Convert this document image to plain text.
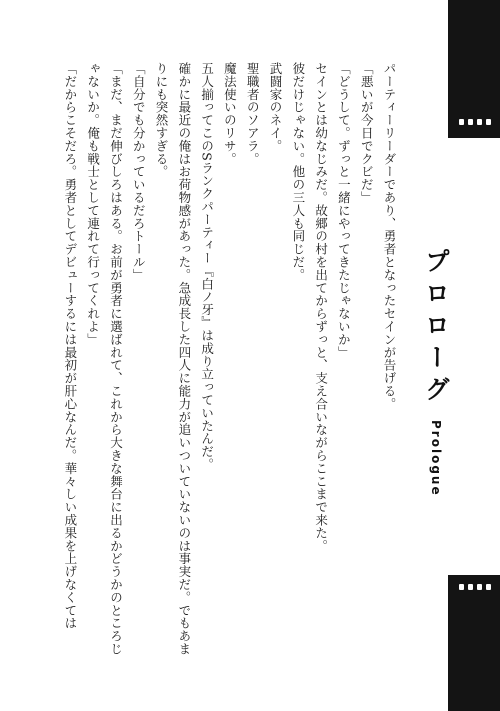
プロローグ
Prologue

パーティーリーダーであり、勇者となったセインが告げる。

「悪いが今日でクビだ」

「どうして。ずっと一緒にやってきたじゃないか」

セインとは幼なじみだ。故郷の村を出てからずっと、支え合いながらここまで来た。

彼だけじゃない。他の三人も同じだ。

武闘家のネイ。

聖職者のソアラ。

魔法使いのリサ。

五人揃ってこのSランクパーティー『白ノ牙』は成り立っていたんだ。

確かに最近の俺はお荷物感があった。急成長した四人に能力が追いついていないのは事実だ。でもあまりにも突然すぎる。

「自分でも分かっているだろトール」

「まだ、まだ伸びしろはある。お前が勇者に選ばれて、これから大きな舞台に出るかどうかのところじゃないか。俺も戦士として連れて行ってくれよ」

「だからこそだろ。勇者としてデビューするには最初が肝心なんだ。華々しい成果を上げなくては
